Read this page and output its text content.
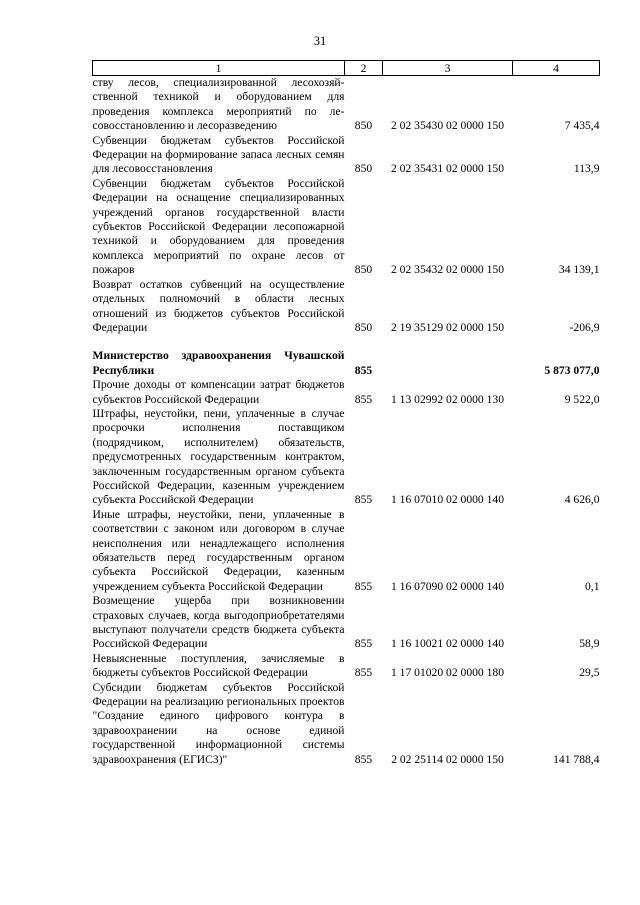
31
1	2	3	4
ству лесов, специализированной лесохозяйственной техникой и оборудованием для проведения комплекса мероприятий по лесовосстановлению и лесоразведению	850	2 02 35430 02 0000 150	7 435,4
Субвенции бюджетам субъектов Российской Федерации на формирование запаса лесных семян для лесовосстановления	850	2 02 35431 02 0000 150	113,9
Субвенции бюджетам субъектов Российской Федерации на оснащение специализированных учреждений органов государственной власти субъектов Российской Федерации лесопожарной техникой и оборудованием для проведения комплекса мероприятий по охране лесов от пожаров	850	2 02 35432 02 0000 150	34 139,1
Возврат остатков субвенций на осуществление отдельных полномочий в области лесных отношений из бюджетов субъектов Российской Федерации	850	2 19 35129 02 0000 150	-206,9

Министерство здравоохранения Чувашской Республики	855		5 873 077,0
Прочие доходы от компенсации затрат бюджетов субъектов Российской Федерации	855	1 13 02992 02 0000 130	9 522,0
Штрафы, неустойки, пени, уплаченные в случае просрочки исполнения поставщиком (подрядчиком, исполнителем) обязательств, предусмотренных государственным контрактом, заключенным государственным органом субъекта Российской Федерации, казенным учреждением субъекта Российской Федерации	855	1 16 07010 02 0000 140	4 626,0
Иные штрафы, неустойки, пени, уплаченные в соответствии с законом или договором в случае неисполнения или ненадлежащего исполнения обязательств перед государственным органом субъекта Российской Федерации, казенным учреждением субъекта Российской Федерации	855	1 16 07090 02 0000 140	0,1
Возмещение ущерба при возникновении страховых случаев, когда выгодоприобретателями выступают получатели средств бюджета субъекта Российской Федерации	855	1 16 10021 02 0000 140	58,9
Невыясненные поступления, зачисляемые в бюджеты субъектов Российской Федерации	855	1 17 01020 02 0000 180	29,5
Субсидии бюджетам субъектов Российской Федерации на реализацию региональных проектов "Создание единого цифрового контура в здравоохранении на основе единой государственной информационной системы здравоохранения (ЕГИСЗ)"	855	2 02 25114 02 0000 150	141 788,4
